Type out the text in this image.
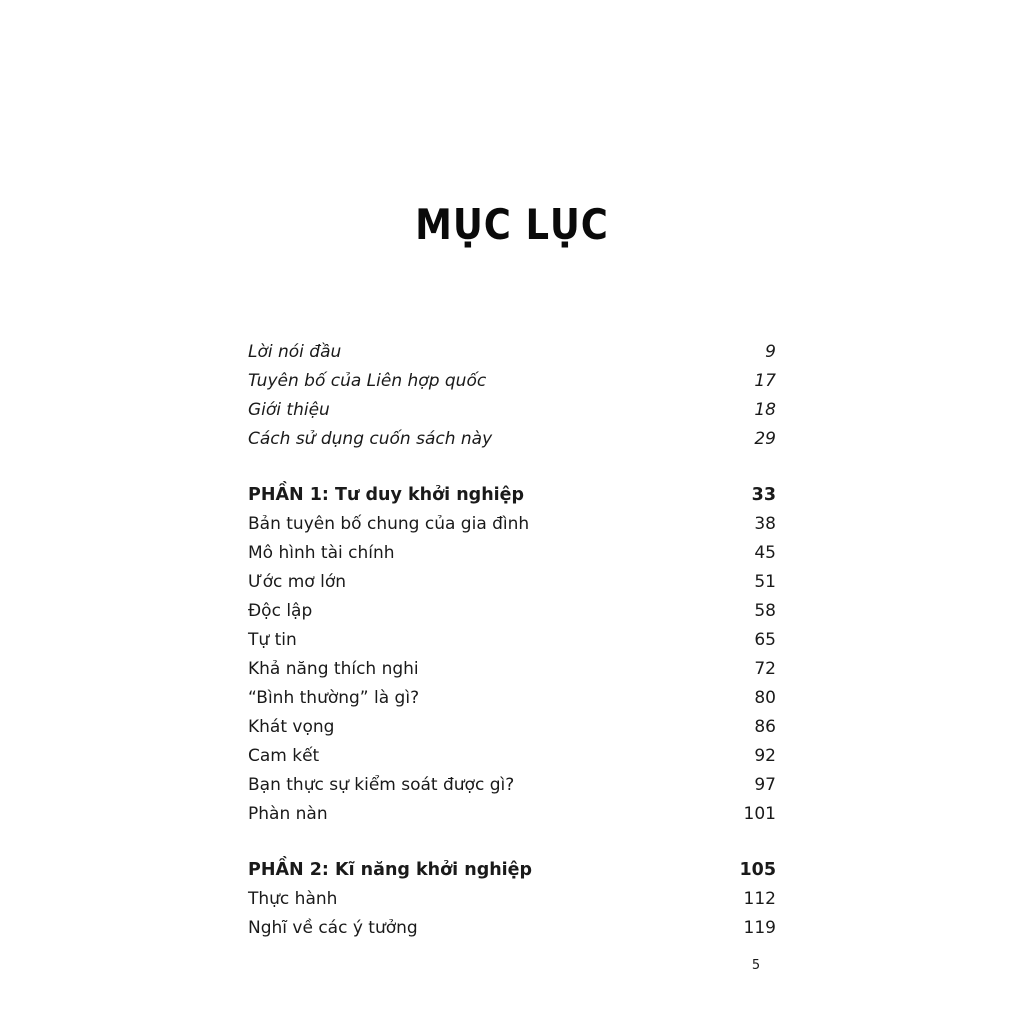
MỤC LỤC
Lời nói đầu	9
Tuyên bố của Liên hợp quốc	17
Giới thiệu	18
Cách sử dụng cuốn sách này	29
PHẦN 1: Tư duy khởi nghiệp	33
Bản tuyên bố chung của gia đình	38
Mô hình tài chính	45
Ước mơ lớn	51
Độc lập	58
Tự tin	65
Khả năng thích nghi	72
“Bình thường” là gì?	80
Khát vọng	86
Cam kết	92
Bạn thực sự kiểm soát được gì?	97
Phàn nàn	101
PHẦN 2: Kĩ năng khởi nghiệp	105
Thực hành	112
Nghĩ về các ý tưởng	119
5
